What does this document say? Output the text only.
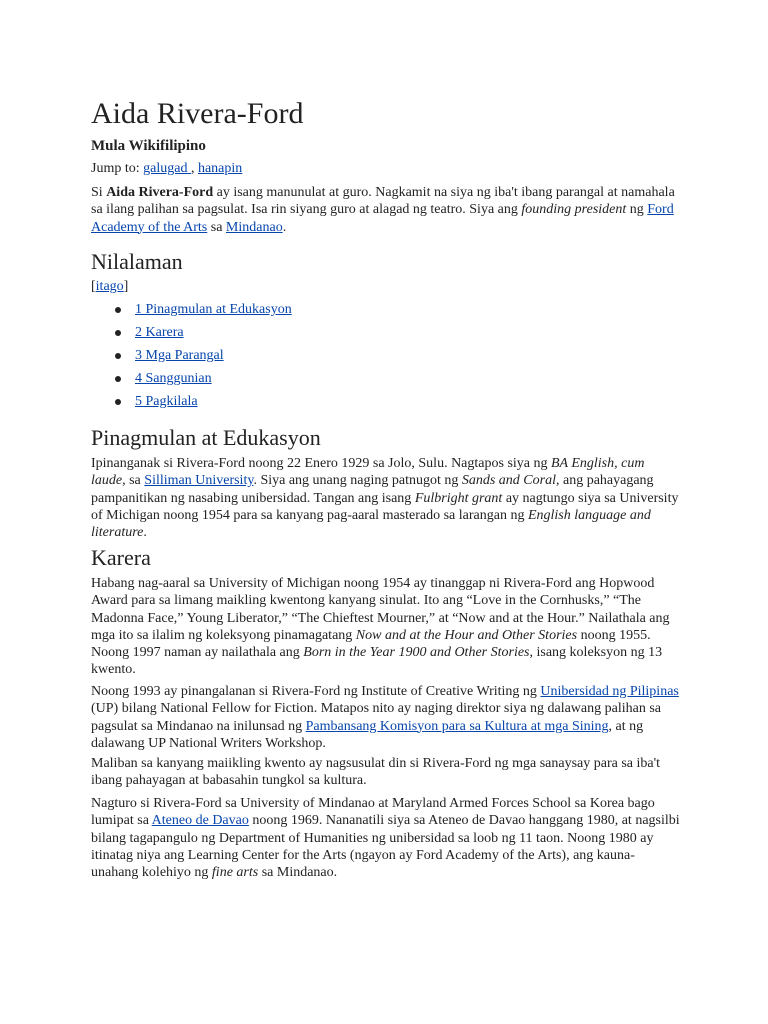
Aida Rivera-Ford
Mula Wikifilipino
Jump to: galugad , hanapin

Si Aida Rivera-Ford ay isang manunulat at guro. Nagkamit na siya ng iba't ibang parangal at namahala sa ilang palihan sa pagsulat. Isa rin siyang guro at alagad ng teatro. Siya ang founding president ng Ford Academy of the Arts sa Mindanao.

Nilalaman
[itago]
1 Pinagmulan at Edukasyon
2 Karera
3 Mga Parangal
4 Sanggunian
5 Pagkilala
Pinagmulan at Edukasyon

Ipinanganak si Rivera-Ford noong 22 Enero 1929 sa Jolo, Sulu. Nagtapos siya ng BA English, cum laude, sa Silliman University. Siya ang unang naging patnugot ng Sands and Coral, ang pahayagang pampanitikan ng nasabing unibersidad. Tangan ang isang Fulbright grant ay nagtungo siya sa University of Michigan noong 1954 para sa kanyang pag-aaral masterado sa larangan ng English language and literature.

Karera

Habang nag-aaral sa University of Michigan noong 1954 ay tinanggap ni Rivera-Ford ang Hopwood Award para sa limang maikling kwentong kanyang sinulat. Ito ang “Love in the Cornhusks,” “The Madonna Face,” Young Liberator,” “The Chieftest Mourner,” at “Now and at the Hour.” Nailathala ang mga ito sa ilalim ng koleksyong pinamagatang Now and at the Hour and Other Stories noong 1955. Noong 1997 naman ay nailathala ang Born in the Year 1900 and Other Stories, isang koleksyon ng 13 kwento.

Noong 1993 ay pinangalanan si Rivera-Ford ng Institute of Creative Writing ng Unibersidad ng Pilipinas (UP) bilang National Fellow for Fiction. Matapos nito ay naging direktor siya ng dalawang palihan sa pagsulat sa Mindanao na inilunsad ng Pambansang Komisyon para sa Kultura at mga Sining, at ng dalawang UP National Writers Workshop.

Maliban sa kanyang maiikling kwento ay nagsusulat din si Rivera-Ford ng mga sanaysay para sa iba't ibang pahayagan at babasahin tungkol sa kultura.

Nagturo si Rivera-Ford sa University of Mindanao at Maryland Armed Forces School sa Korea bago lumipat sa Ateneo de Davao noong 1969. Nananatili siya sa Ateneo de Davao hanggang 1980, at nagsilbi bilang tagapangulo ng Department of Humanities ng unibersidad sa loob ng 11 taon. Noong 1980 ay itinatag niya ang Learning Center for the Arts (ngayon ay Ford Academy of the Arts), ang kauna-unahang kolehiyo ng fine arts sa Mindanao.
